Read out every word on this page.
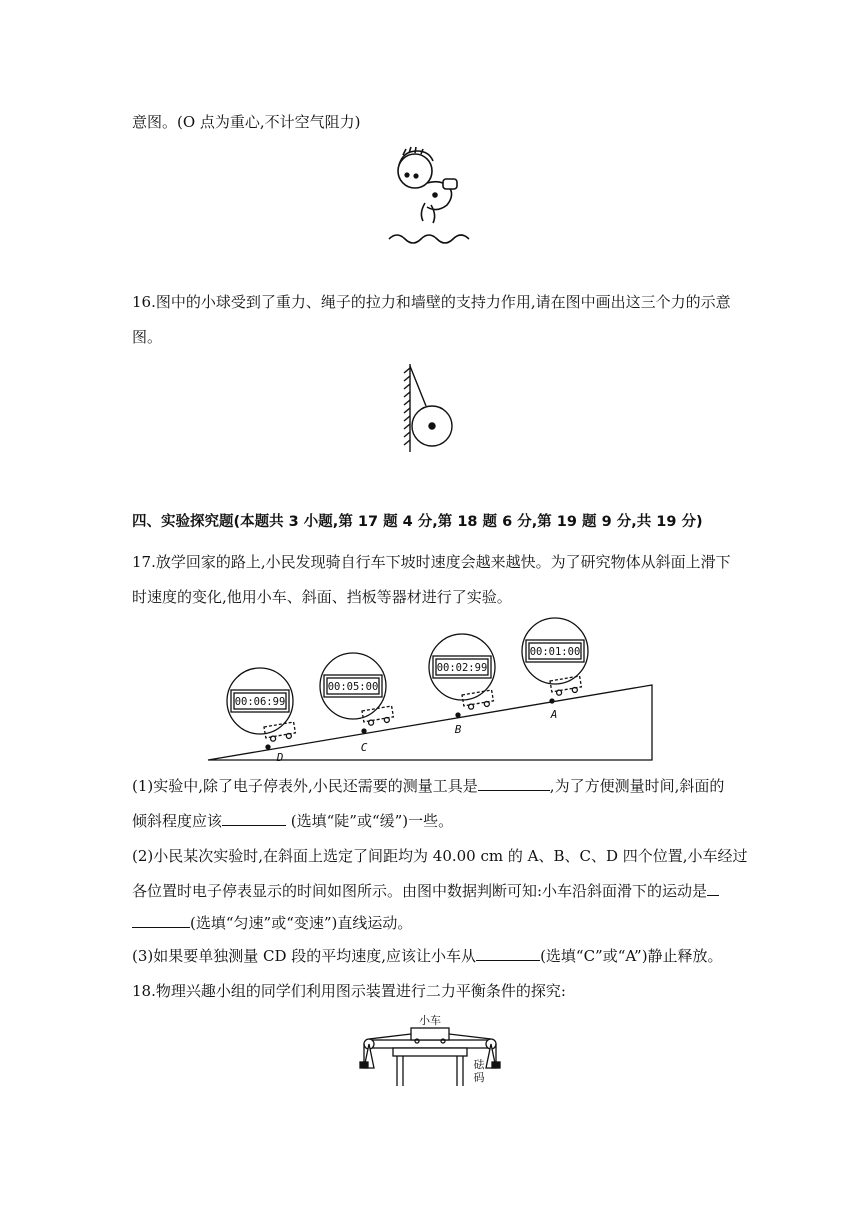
意图。(O 点为重心,不计空气阻力)
16.图中的小球受到了重力、绳子的拉力和墙壁的支持力作用,请在图中画出这三个力的示意
图。
四、实验探究题(本题共 3 小题,第 17 题 4 分,第 18 题 6 分,第 19 题 9 分,共 19 分)
17.放学回家的路上,小民发现骑自行车下坡时速度会越来越快。为了研究物体从斜面上滑下
时速度的变化,他用小车、斜面、挡板等器材进行了实验。
00:06:99
00:05:00
00:02:99
00:01:00
D
C
B
A
(1)实验中,除了电子停表外,小民还需要的测量工具是	,为了方便测量时间,斜面的
倾斜程度应该	(选填“陡”或“缓”)一些。
(2)小民某次实验时,在斜面上选定了间距均为 40.00 cm 的 A、B、C、D 四个位置,小车经过
各位置时电子停表显示的时间如图所示。由图中数据判断可知:小车沿斜面滑下的运动是
(选填“匀速”或“变速”)直线运动。
(3)如果要单独测量 CD 段的平均速度,应该让小车从	(选填“C”或“A”)静止释放。
18.物理兴趣小组的同学们利用图示装置进行二力平衡条件的探究:
小车
砝
码
